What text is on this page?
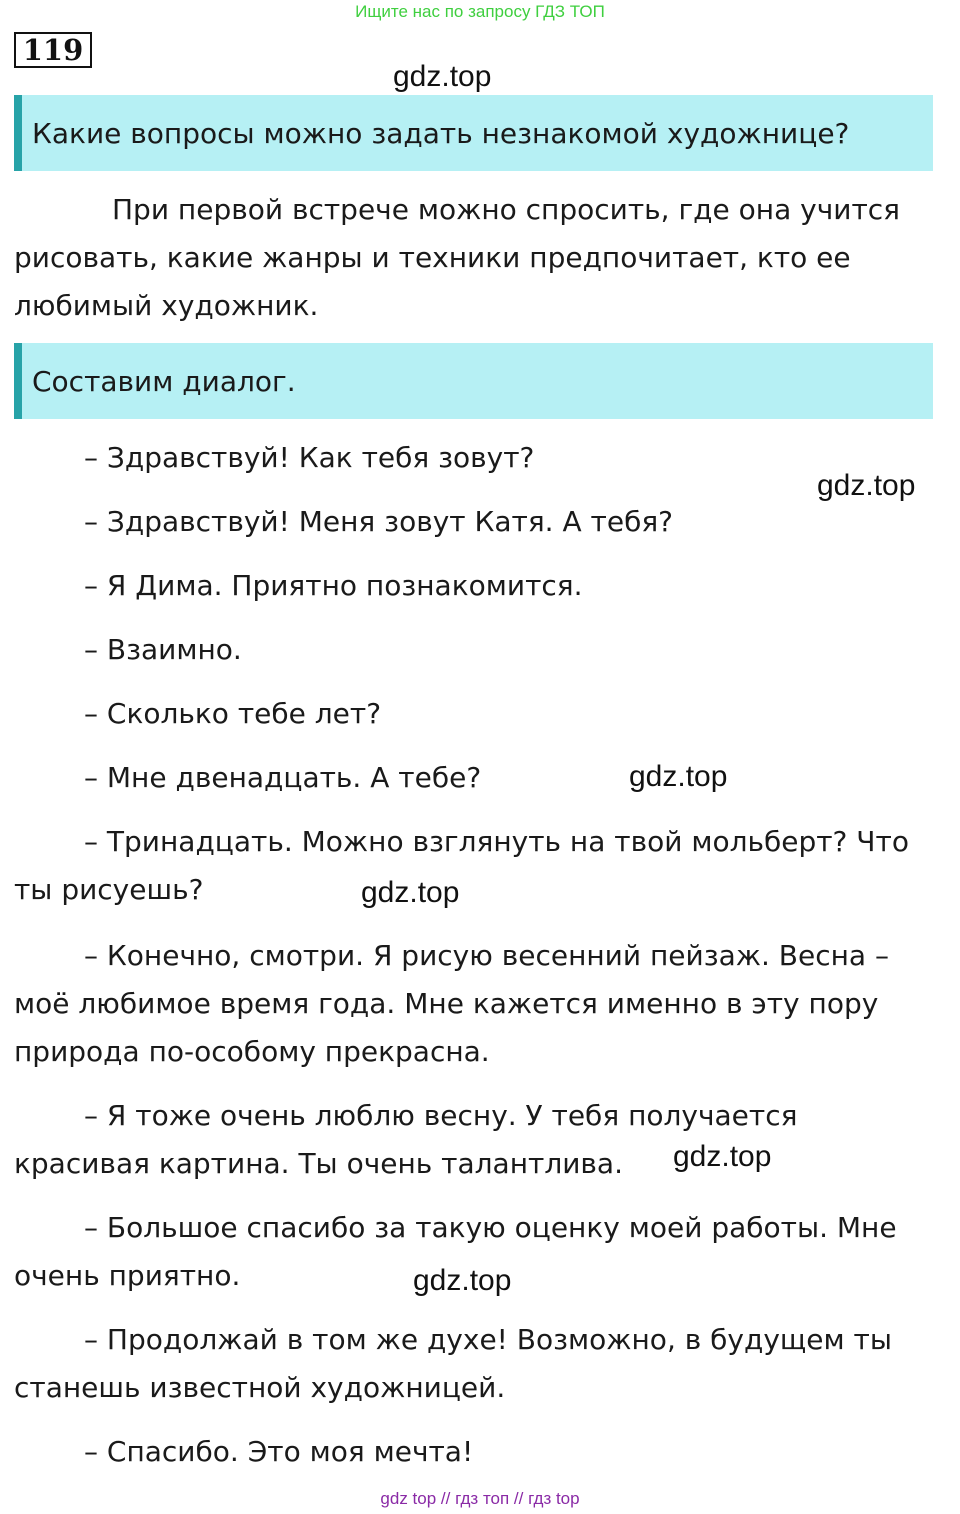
Ищите нас по запросу ГДЗ ТОП
119
gdz.top
Какие вопросы можно задать незнакомой художнице?

При первой встрече можно спросить, где она учится рисовать, какие жанры и техники предпочитает, кто ее любимый художник.

Составим диалог.

– Здравствуй! Как тебя зовут?

gdz.top

– Здравствуй! Меня зовут Катя. А тебя?

– Я Дима. Приятно познакомится.

– Взаимно.

– Сколько тебе лет?

– Мне двенадцать. А тебе?	gdz.top

– Тринадцать. Можно взглянуть на твой мольберт? Что ты рисуешь?	gdz.top

– Конечно, смотри. Я рисую весенний пейзаж. Весна – моё любимое время года. Мне кажется именно в эту пору природа по-особому прекрасна.

– Я тоже очень люблю весну. У тебя получается красивая картина. Ты очень талантлива.	gdz.top

– Большое спасибо за такую оценку моей работы. Мне очень приятно.	gdz.top

– Продолжай в том же духе! Возможно, в будущем ты станешь известной художницей.

– Спасибо. Это моя мечта!

gdz top // гдз топ // гдз top
